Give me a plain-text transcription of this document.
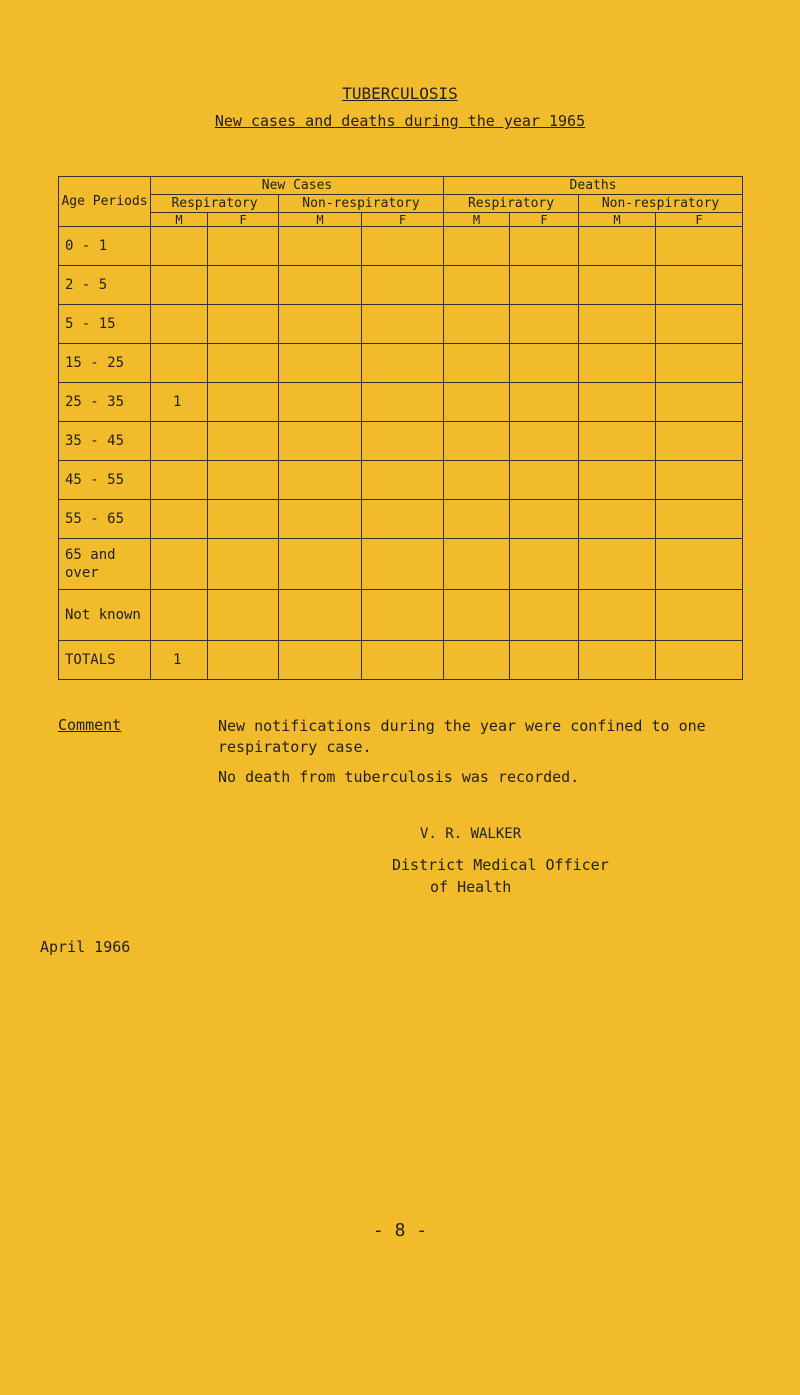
TUBERCULOSIS
New cases and deaths during the year 1965
Age Periods	New Cases				Deaths			
	Respiratory		Non-respiratory		Respiratory		Non-respiratory	
	M	F	M	F	M	F	M	F
0 - 1								
2 - 5								
5 - 15								
15 - 25								
25 - 35	1							
35 - 45								
45 - 55								
55 - 65								
65 and over								
Not known								
TOTALS	1							
Comment	New notifications during the year were confined to one respiratory case.
No death from tuberculosis was recorded.
V. R. WALKER
District Medical Officer
of Health
April 1966
- 8 -
